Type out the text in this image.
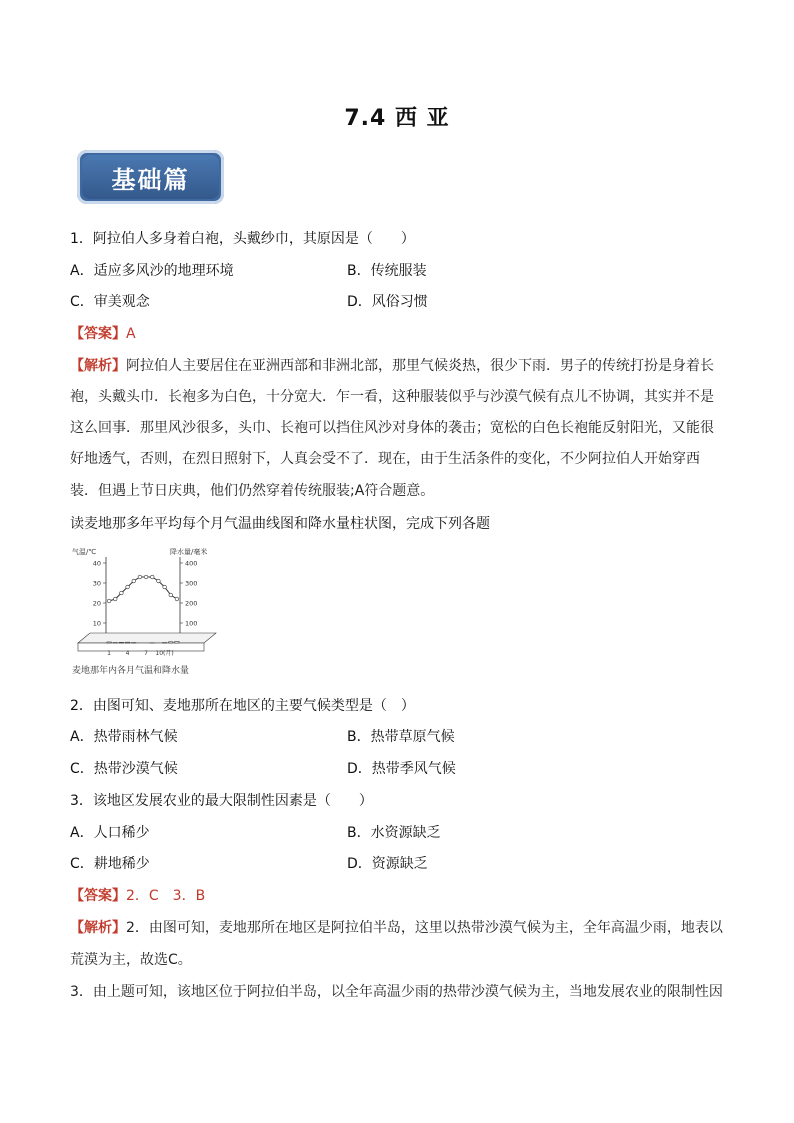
7.4 西 亚
基础篇
1．阿拉伯人多身着白袍，头戴纱巾，其原因是（　　）
A．适应多风沙的地理环境	B．传统服装
C．审美观念	D．风俗习惯
【答案】A
【解析】阿拉伯人主要居住在亚洲西部和非洲北部，那里气候炎热，很少下雨．男子的传统打扮是身着长
袍，头戴头巾．长袍多为白色，十分宽大．乍一看，这种服装似乎与沙漠气候有点儿不协调，其实并不是
这么回事．那里风沙很多，头巾、长袍可以挡住风沙对身体的袭击；宽松的白色长袍能反射阳光，又能很
好地透气，否则，在烈日照射下，人真会受不了．现在，由于生活条件的变化，不少阿拉伯人开始穿西
装．但遇上节日庆典，他们仍然穿着传统服装;A符合题意。
读麦地那多年平均每个月气温曲线图和降水量柱状图，完成下列各题
气温/℃	降水量/毫米
40
30
20
10
400
300
200
100
1 4 7 10(月)
麦地那年内各月气温和降水量
2．由图可知、麦地那所在地区的主要气候类型是（　）
A．热带雨林气候	B．热带草原气候
C．热带沙漠气候	D．热带季风气候
3．该地区发展农业的最大限制性因素是（　　）
A．人口稀少	B．水资源缺乏
C．耕地稀少	D．资源缺乏
【答案】2．C　3．B
【解析】2．由图可知，麦地那所在地区是阿拉伯半岛，这里以热带沙漠气候为主，全年高温少雨，地表以
荒漠为主，故选C。
3．由上题可知，该地区位于阿拉伯半岛，以全年高温少雨的热带沙漠气候为主，当地发展农业的限制性因
